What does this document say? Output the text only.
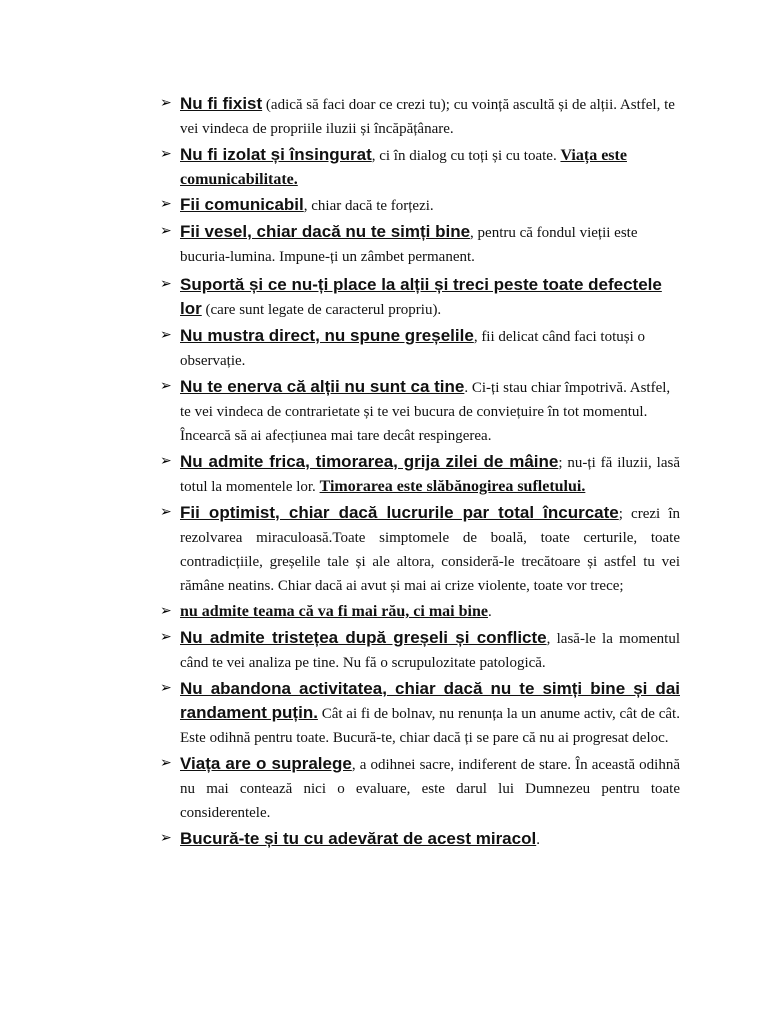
➢ Nu fi fixist (adică să faci doar ce crezi tu); cu voință ascultă și de alții. Astfel, te vei vindeca de propriile iluzii și încăpățânare.
➢ Nu fi izolat și însingurat, ci în dialog cu toți și cu toate. Viața este comunicabilitate.
➢ Fii comunicabil, chiar dacă te forțezi.
➢ Fii vesel, chiar dacă nu te simți bine, pentru că fondul vieții este bucuria-lumina. Impune-ți un zâmbet permanent.
➢ Suportă și ce nu-ți place la alții și treci peste toate defectele lor (care sunt legate de caracterul propriu).
➢ Nu mustra direct, nu spune greșelile, fii delicat când faci totuși o observație.
➢ Nu te enerva că alții nu sunt ca tine. Ci-ți stau chiar împotrivă. Astfel, te vei vindeca de contrarietate și te vei bucura de conviețuire în tot momentul. Încearcă să ai afecțiunea mai tare decât respingerea.
➢ Nu admite frica, timorarea, grija zilei de mâine; nu-ți fă iluzii, lasă totul la momentele lor. Timorarea este slăbănogirea sufletului.
➢ Fii optimist, chiar dacă lucrurile par total încurcate; crezi în rezolvarea miraculoasă.Toate simptomele de boală, toate certurile, toate contradicțiile, greșelile tale și ale altora, consideră-le trecătoare și astfel tu vei rămâne neatins. Chiar dacă ai avut și mai ai crize violente, toate vor trece;
➢ nu admite teama că va fi mai rău, ci mai bine.
➢ Nu admite tristețea după greșeli și conflicte, lasă-le la momentul când te vei analiza pe tine. Nu fă o scrupulozitate patologică.
➢ Nu abandona activitatea, chiar dacă nu te simți bine și dai randament puțin. Cât ai fi de bolnav, nu renunța la un anume activ, cât de cât. Este odihnă pentru toate. Bucură-te, chiar dacă ți se pare că nu ai progresat deloc.
➢ Viața are o supralege, a odihnei sacre, indiferent de stare. În această odihnă nu mai contează nici o evaluare, este darul lui Dumnezeu pentru toate considerentele.
➢ Bucură-te și tu cu adevărat de acest miracol.
